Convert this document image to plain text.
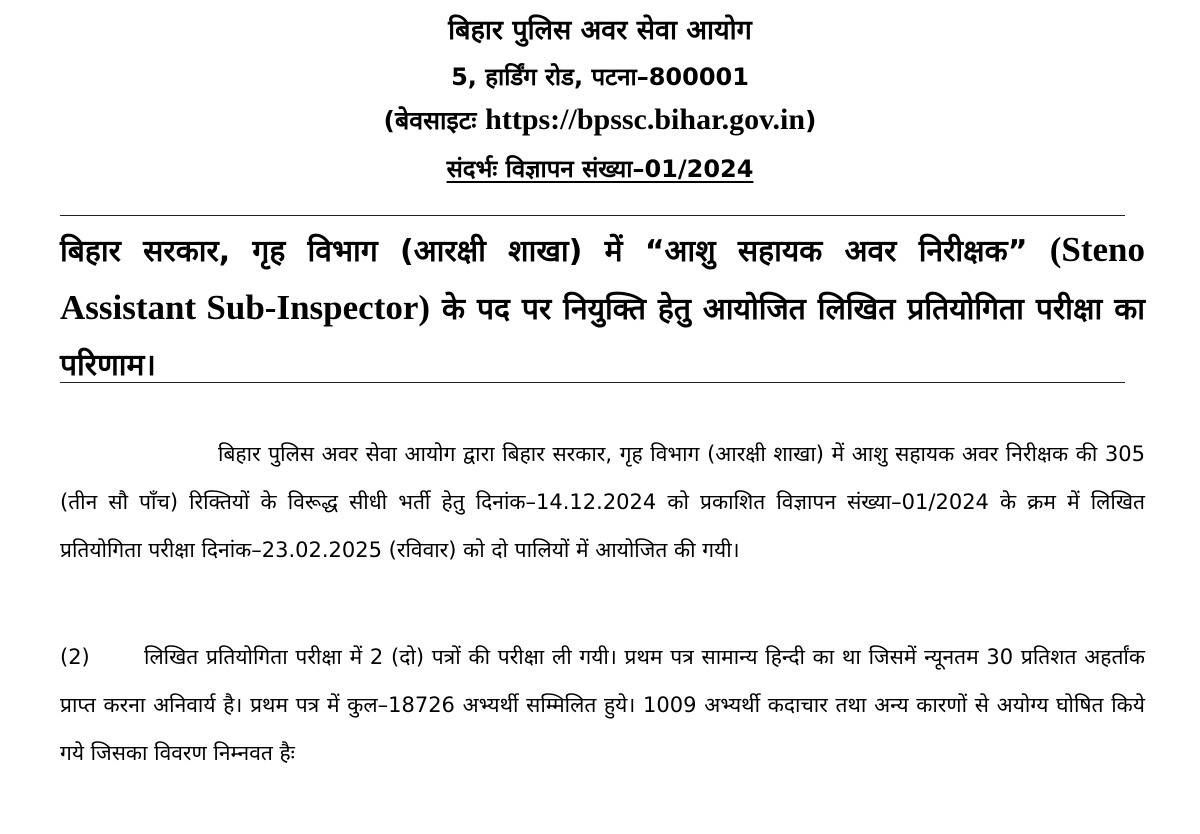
बिहार पुलिस अवर सेवा आयोग
5, हार्डिंग रोड, पटना–800001
(बेवसाइटः https://bpssc.bihar.gov.in)
संदर्भः विज्ञापन संख्या–01/2024
बिहार सरकार, गृह विभाग (आरक्षी शाखा) में “आशु सहायक अवर निरीक्षक” (Steno Assistant Sub-Inspector) के पद पर नियुक्ति हेतु आयोजित लिखित प्रतियोगिता परीक्षा का परिणाम।
बिहार पुलिस अवर सेवा आयोग द्वारा बिहार सरकार, गृह विभाग (आरक्षी शाखा) में आशु सहायक अवर निरीक्षक की 305 (तीन सौ पाँच) रिक्तियों के विरूद्ध सीधी भर्ती हेतु दिनांक–14.12.2024 को प्रकाशित विज्ञापन संख्या–01/2024 के क्रम में लिखित प्रतियोगिता परीक्षा दिनांक–23.02.2025 (रविवार) को दो पालियों में आयोजित की गयी।
(2)	लिखित प्रतियोगिता परीक्षा में 2 (दो) पत्रों की परीक्षा ली गयी। प्रथम पत्र सामान्य हिन्दी का था जिसमें न्यूनतम 30 प्रतिशत अहर्तांक प्राप्त करना अनिवार्य है। प्रथम पत्र में कुल–18726 अभ्यर्थी सम्मिलित हुये। 1009 अभ्यर्थी कदाचार तथा अन्य कारणों से अयोग्य घोषित किये गये जिसका विवरण निम्नवत हैः
